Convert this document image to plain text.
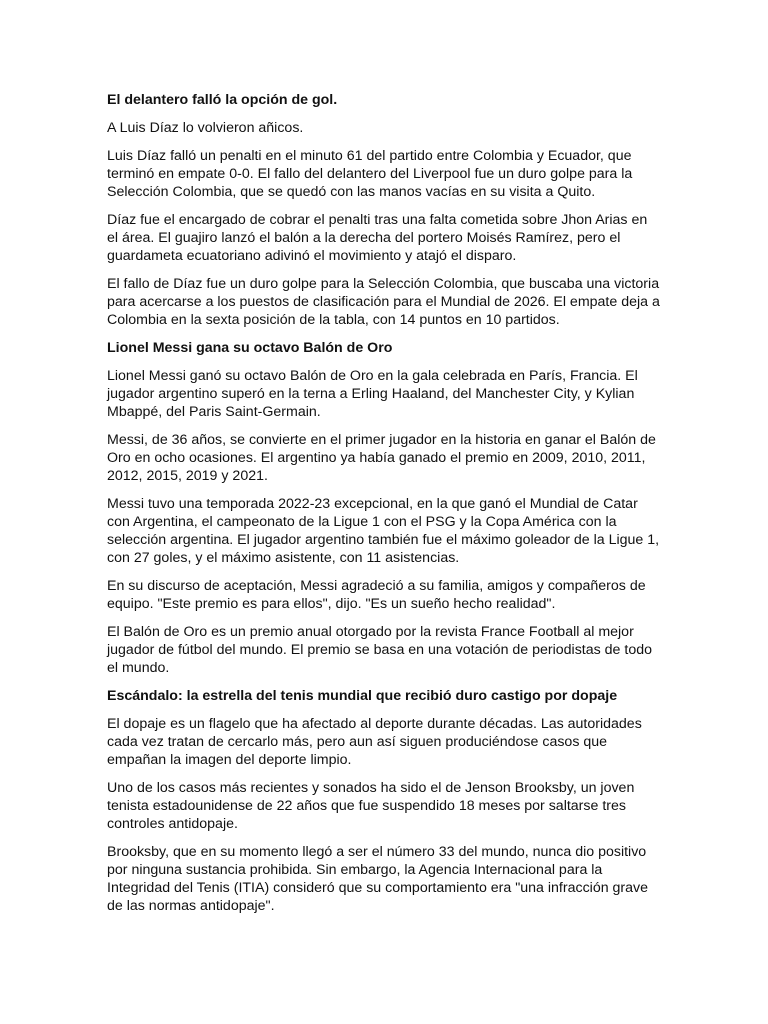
El delantero falló la opción de gol.

A Luis Díaz lo volvieron añicos.

Luis Díaz falló un penalti en el minuto 61 del partido entre Colombia y Ecuador, que terminó en empate 0-0. El fallo del delantero del Liverpool fue un duro golpe para la Selección Colombia, que se quedó con las manos vacías en su visita a Quito.

Díaz fue el encargado de cobrar el penalti tras una falta cometida sobre Jhon Arias en el área. El guajiro lanzó el balón a la derecha del portero Moisés Ramírez, pero el guardameta ecuatoriano adivinó el movimiento y atajó el disparo.

El fallo de Díaz fue un duro golpe para la Selección Colombia, que buscaba una victoria para acercarse a los puestos de clasificación para el Mundial de 2026. El empate deja a Colombia en la sexta posición de la tabla, con 14 puntos en 10 partidos.

Lionel Messi gana su octavo Balón de Oro

Lionel Messi ganó su octavo Balón de Oro en la gala celebrada en París, Francia. El jugador argentino superó en la terna a Erling Haaland, del Manchester City, y Kylian Mbappé, del Paris Saint-Germain.

Messi, de 36 años, se convierte en el primer jugador en la historia en ganar el Balón de Oro en ocho ocasiones. El argentino ya había ganado el premio en 2009, 2010, 2011, 2012, 2015, 2019 y 2021.

Messi tuvo una temporada 2022-23 excepcional, en la que ganó el Mundial de Catar con Argentina, el campeonato de la Ligue 1 con el PSG y la Copa América con la selección argentina. El jugador argentino también fue el máximo goleador de la Ligue 1, con 27 goles, y el máximo asistente, con 11 asistencias.

En su discurso de aceptación, Messi agradeció a su familia, amigos y compañeros de equipo. "Este premio es para ellos", dijo. "Es un sueño hecho realidad".

El Balón de Oro es un premio anual otorgado por la revista France Football al mejor jugador de fútbol del mundo. El premio se basa en una votación de periodistas de todo el mundo.

Escándalo: la estrella del tenis mundial que recibió duro castigo por dopaje

El dopaje es un flagelo que ha afectado al deporte durante décadas. Las autoridades cada vez tratan de cercarlo más, pero aun así siguen produciéndose casos que empañan la imagen del deporte limpio.

Uno de los casos más recientes y sonados ha sido el de Jenson Brooksby, un joven tenista estadounidense de 22 años que fue suspendido 18 meses por saltarse tres controles antidopaje.

Brooksby, que en su momento llegó a ser el número 33 del mundo, nunca dio positivo por ninguna sustancia prohibida. Sin embargo, la Agencia Internacional para la Integridad del Tenis (ITIA) consideró que su comportamiento era "una infracción grave de las normas antidopaje".
